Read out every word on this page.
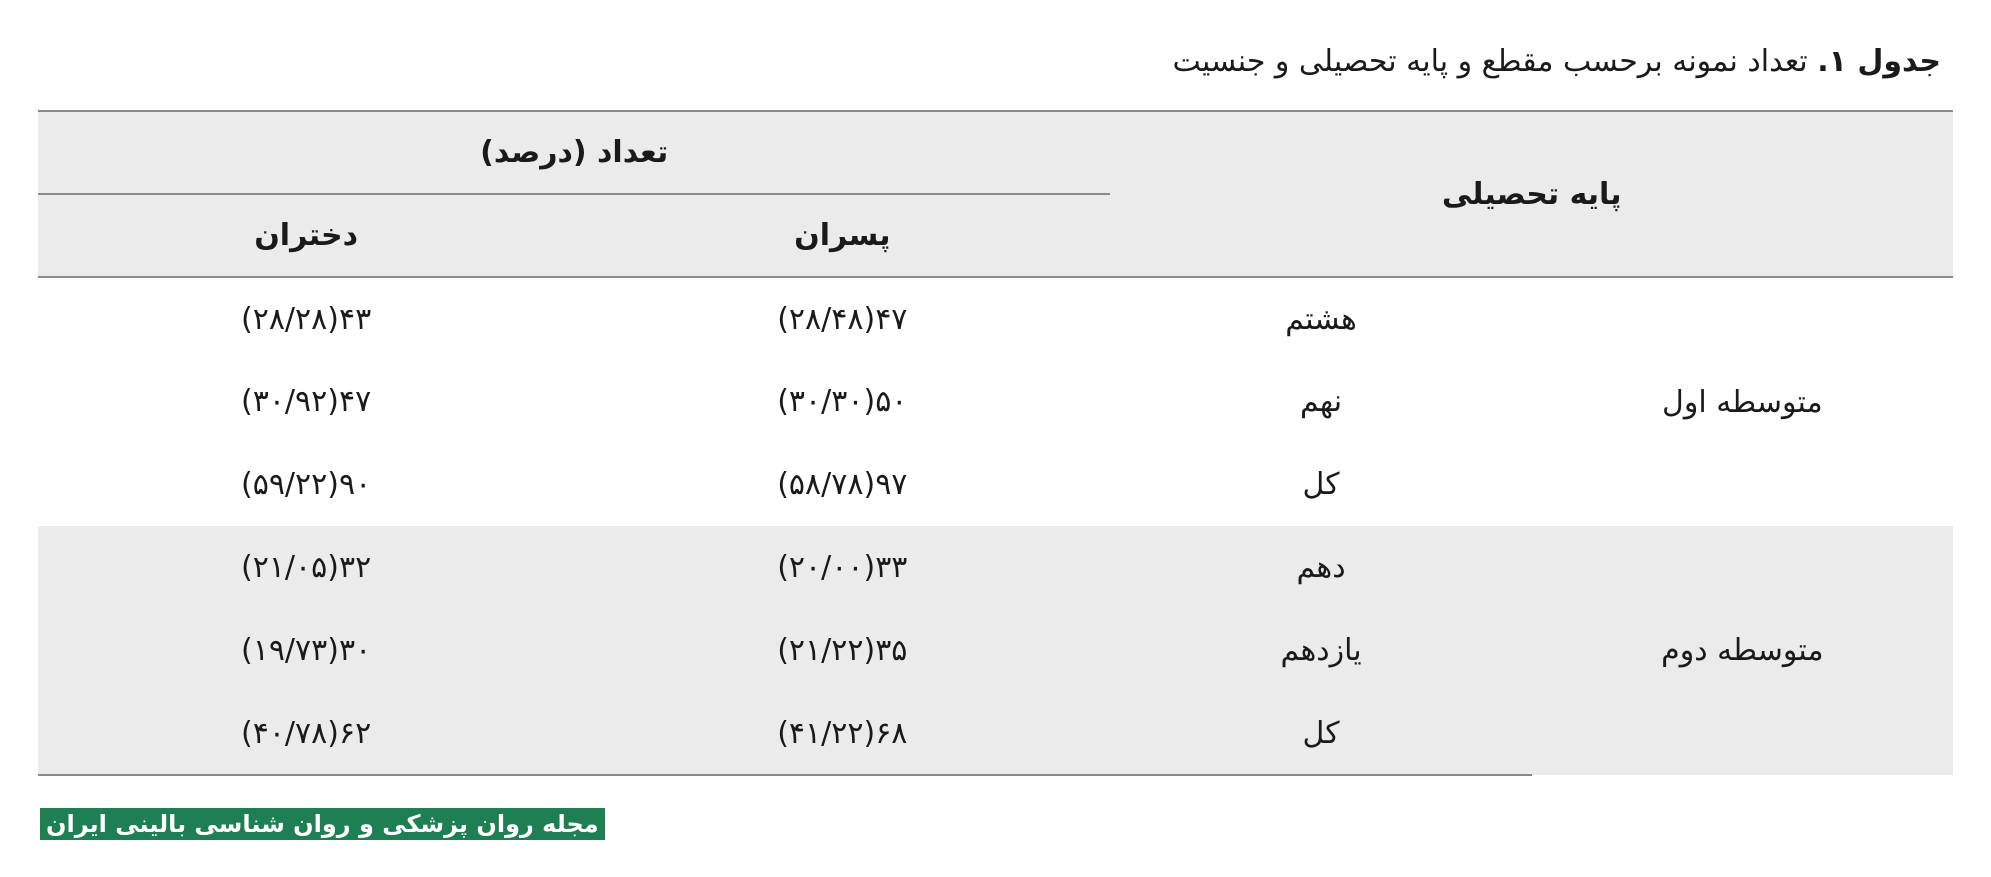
جدول ۱. تعداد نمونه برحسب مقطع و پایه تحصیلی و جنسیت
پایه تحصیلی		تعداد (درصد)	
		پسران	دختران
متوسطه اول	هشتم	۴۷(۲۸/۴۸)	۴۳(۲۸/۲۸)
	نهم	۵۰(۳۰/۳۰)	۴۷(۳۰/۹۲)
	کل	۹۷(۵۸/۷۸)	۹۰(۵۹/۲۲)
متوسطه دوم	دهم	۳۳(۲۰/۰۰)	۳۲(۲۱/۰۵)
	یازدهم	۳۵(۲۱/۲۲)	۳۰(۱۹/۷۳)
	کل	۶۸(۴۱/۲۲)	۶۲(۴۰/۷۸)
مجله روان پزشکی و روان شناسی بالینی ایران
